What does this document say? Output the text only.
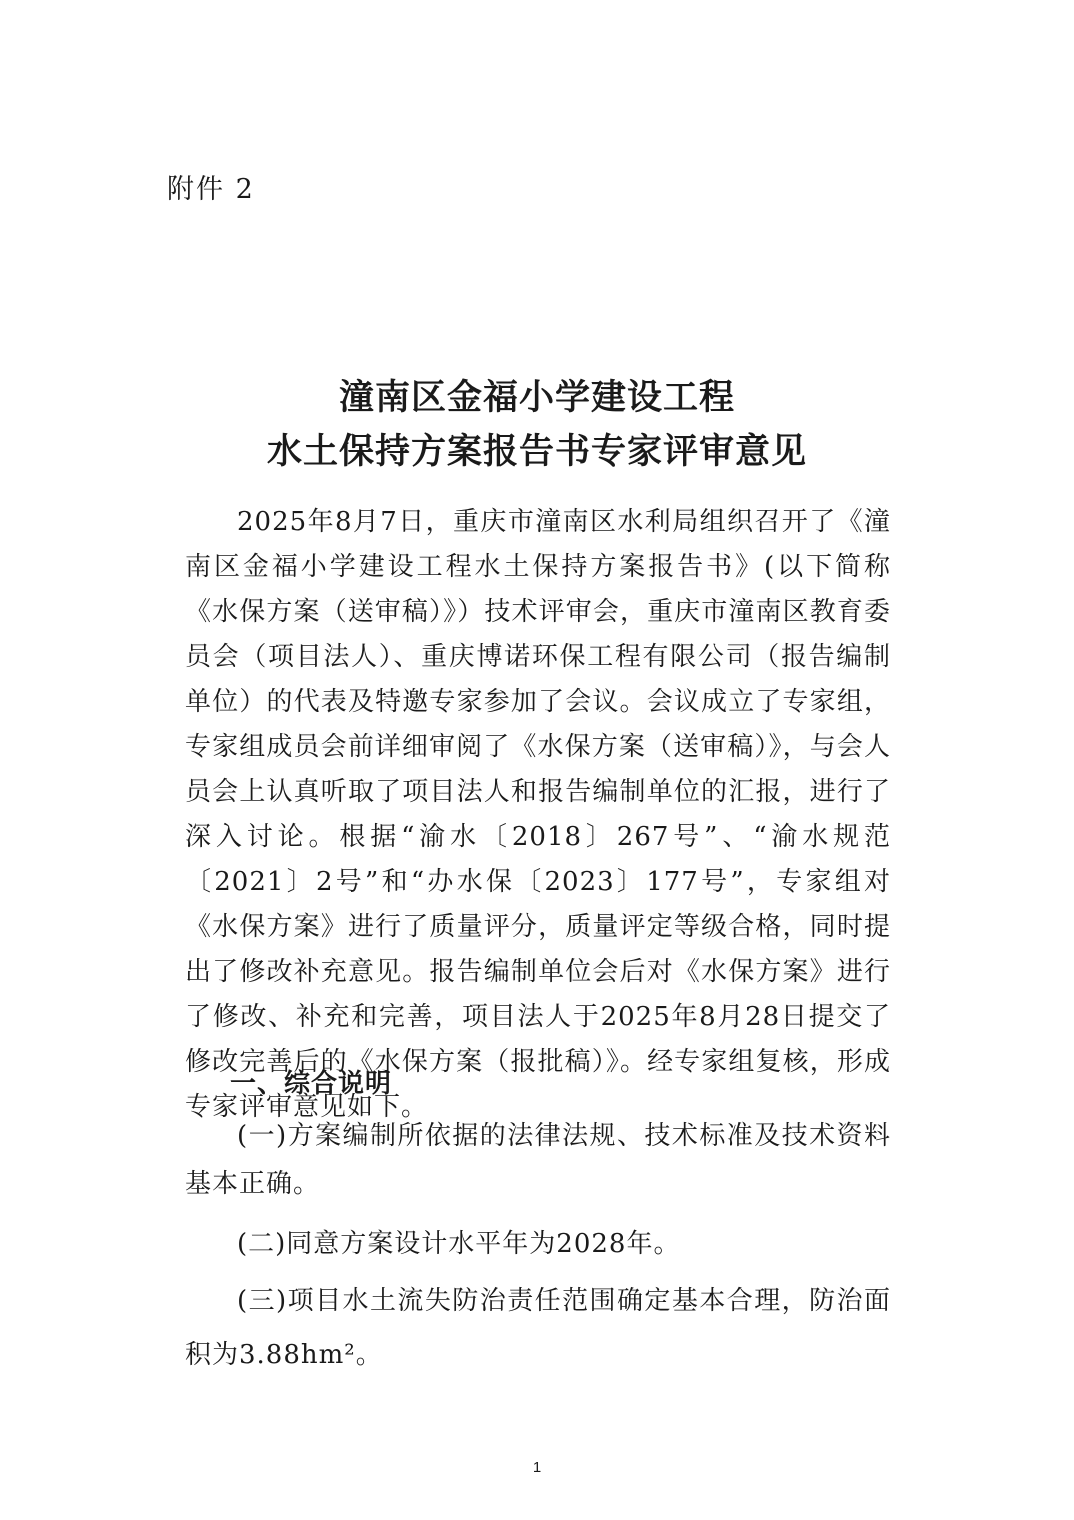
附件 2
潼南区金福小学建设工程
水土保持方案报告书专家评审意见

2025年8月7日，重庆市潼南区水利局组织召开了《潼南区金福小学建设工程水土保持方案报告书》(以下简称《水保方案（送审稿）》）技术评审会，重庆市潼南区教育委员会（项目法人）、重庆博诺环保工程有限公司（报告编制单位）的代表及特邀专家参加了会议。会议成立了专家组，专家组成员会前详细审阅了《水保方案（送审稿）》，与会人员会上认真听取了项目法人和报告编制单位的汇报，进行了深入讨论。根据“渝水〔2018〕267号”、“渝水规范〔2021〕2号”和“办水保〔2023〕177号”，专家组对《水保方案》进行了质量评分，质量评定等级合格，同时提出了修改补充意见。报告编制单位会后对《水保方案》进行了修改、补充和完善，项目法人于2025年8月28日提交了修改完善后的《水保方案（报批稿）》。经专家组复核，形成专家评审意见如下。

一、综合说明

(一)方案编制所依据的法律法规、技术标准及技术资料基本正确。

(二)同意方案设计水平年为2028年。

(三)项目水土流失防治责任范围确定基本合理，防治面积为3.88hm²。

1
